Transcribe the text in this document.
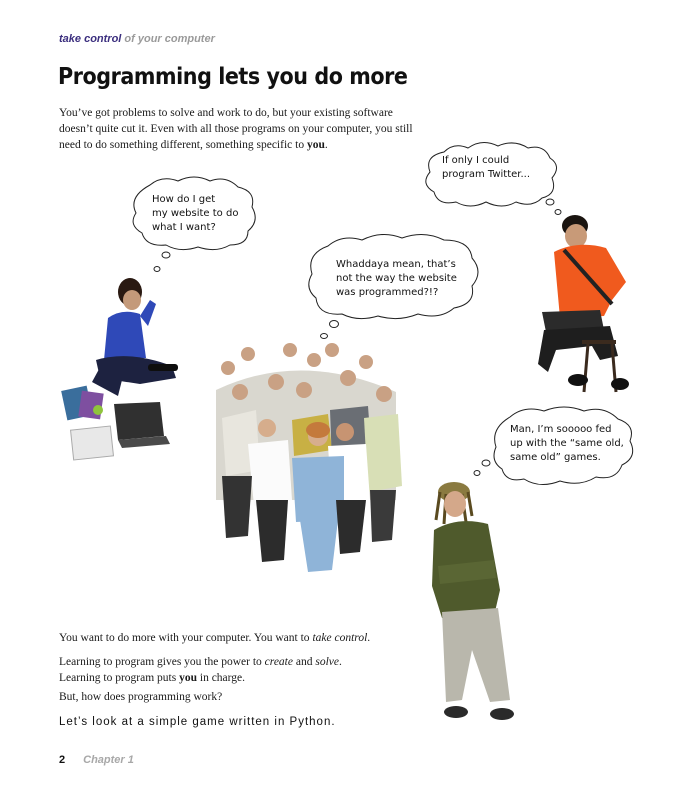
take control of your computer
Programming lets you do more

You’ve got problems to solve and work to do, but your existing software doesn’t quite cut it. Even with all those programs on your computer, you still need to do something different, something specific to you.

If only I could
program Twitter...
How do I get
my website to do
what I want?
Whaddaya mean, that’s
not the way the website
was programmed?!?
Man, I’m sooooo fed
up with the “same old,
same old” games.

You want to do more with your computer. You want to take control.

Learning to program gives you the power to create and solve.
Learning to program puts you in charge.

But, how does programming work?

Let’s look at a simple game written in Python.
2 Chapter 1
